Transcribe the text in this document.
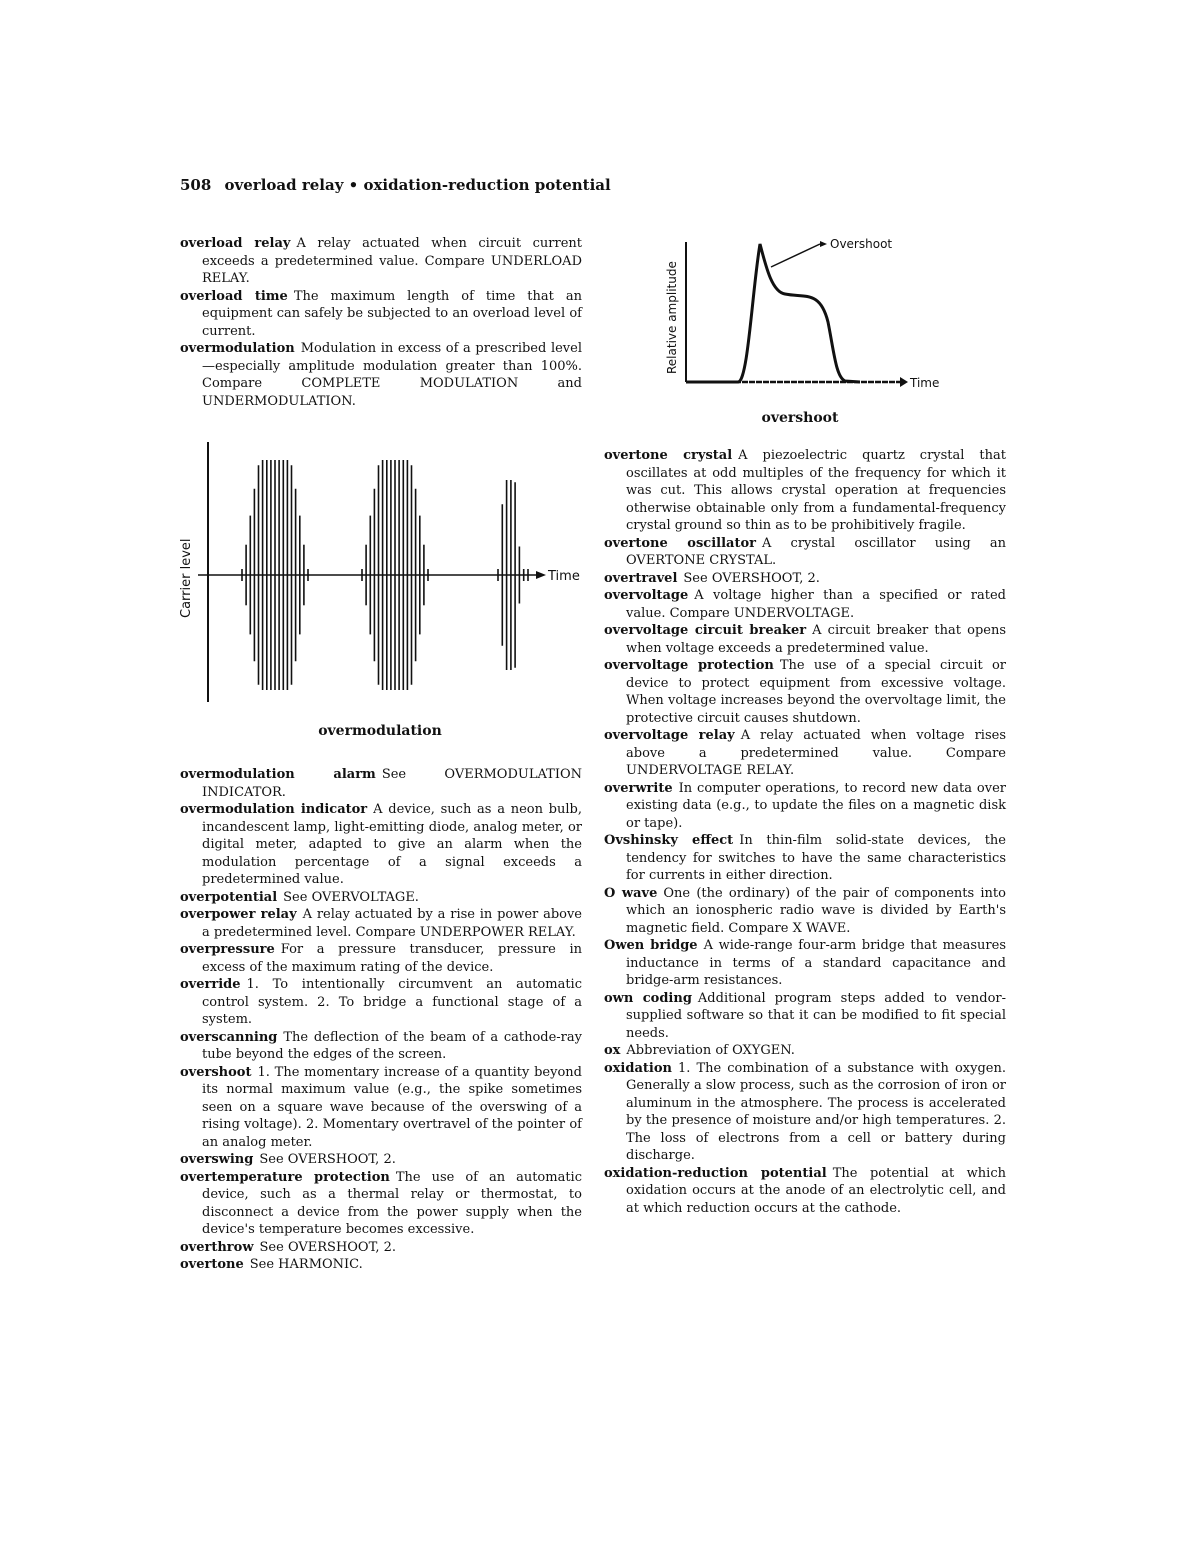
508 overload relay • oxidation-reduction potential

overload relay A relay actuated when circuit current exceeds a predetermined value. Compare UNDERLOAD RELAY.

overload time The maximum length of time that an equipment can safely be subjected to an overload level of current.

overmodulation Modulation in excess of a prescribed level—especially amplitude modulation greater than 100%. Compare COMPLETE MODULATION and UNDERMODULATION.

Overshoot
Time
Relative amplitude
overshoot
Time
Carrier level
overmodulation

overmodulation alarm See OVERMODULATION INDICATOR.

overmodulation indicator A device, such as a neon bulb, incandescent lamp, light-emitting diode, analog meter, or digital meter, adapted to give an alarm when the modulation percentage of a signal exceeds a predetermined value.

overpotential See OVERVOLTAGE.

overpower relay A relay actuated by a rise in power above a predetermined level. Compare UNDERPOWER RELAY.

overpressure For a pressure transducer, pressure in excess of the maximum rating of the device.

override 1. To intentionally circumvent an automatic control system. 2. To bridge a functional stage of a system.

overscanning The deflection of the beam of a cathode-ray tube beyond the edges of the screen.

overshoot 1. The momentary increase of a quantity beyond its normal maximum value (e.g., the spike sometimes seen on a square wave because of the overswing of a rising voltage). 2. Momentary overtravel of the pointer of an analog meter.

overswing See OVERSHOOT, 2.

overtemperature protection The use of an automatic device, such as a thermal relay or thermostat, to disconnect a device from the power supply when the device's temperature becomes excessive.

overthrow See OVERSHOOT, 2.

overtone See HARMONIC.

overtone crystal A piezoelectric quartz crystal that oscillates at odd multiples of the frequency for which it was cut. This allows crystal operation at frequencies otherwise obtainable only from a fundamental-frequency crystal ground so thin as to be prohibitively fragile.

overtone oscillator A crystal oscillator using an OVERTONE CRYSTAL.

overtravel See OVERSHOOT, 2.

overvoltage A voltage higher than a specified or rated value. Compare UNDERVOLTAGE.

overvoltage circuit breaker A circuit breaker that opens when voltage exceeds a predetermined value.

overvoltage protection The use of a special circuit or device to protect equipment from excessive voltage. When voltage increases beyond the overvoltage limit, the protective circuit causes shutdown.

overvoltage relay A relay actuated when voltage rises above a predetermined value. Compare UNDERVOLTAGE RELAY.

overwrite In computer operations, to record new data over existing data (e.g., to update the files on a magnetic disk or tape).

Ovshinsky effect In thin-film solid-state devices, the tendency for switches to have the same characteristics for currents in either direction.

O wave One (the ordinary) of the pair of components into which an ionospheric radio wave is divided by Earth's magnetic field. Compare X WAVE.

Owen bridge A wide-range four-arm bridge that measures inductance in terms of a standard capacitance and bridge-arm resistances.

own coding Additional program steps added to vendor-supplied software so that it can be modified to fit special needs.

ox Abbreviation of OXYGEN.

oxidation 1. The combination of a substance with oxygen. Generally a slow process, such as the corrosion of iron or aluminum in the atmosphere. The process is accelerated by the presence of moisture and/or high temperatures. 2. The loss of electrons from a cell or battery during discharge.

oxidation-reduction potential The potential at which oxidation occurs at the anode of an electrolytic cell, and at which reduction occurs at the cathode.
